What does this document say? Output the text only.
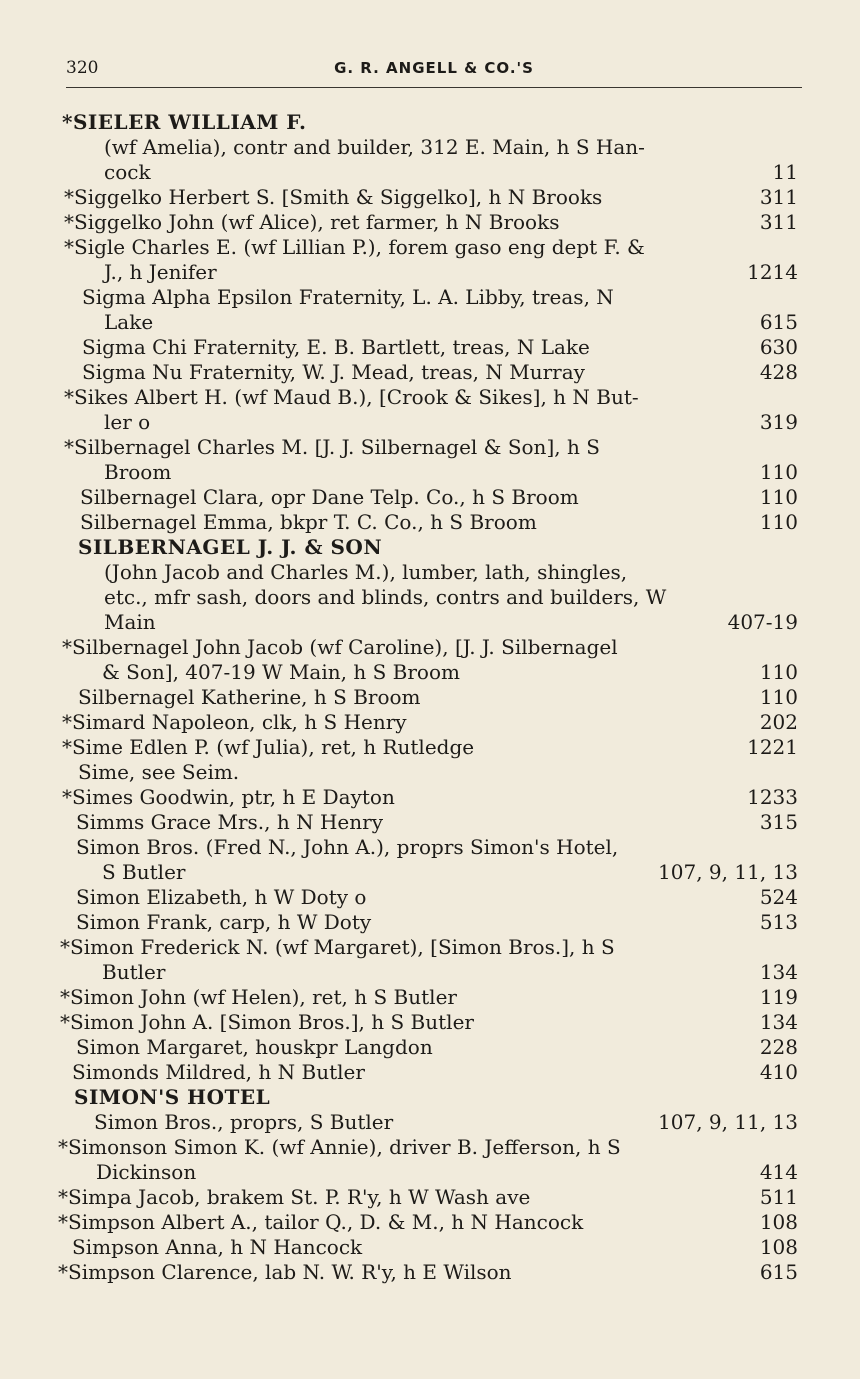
320	G. R. ANGELL & CO.'S
*SIELER WILLIAM F.
(wf Amelia), contr and builder, 312 E. Main, h S Han-
cock	11
*Siggelko Herbert S. [Smith & Siggelko], h N Brooks	311
*Siggelko John (wf Alice), ret farmer, h N Brooks	311
*Sigle Charles E. (wf Lillian P.), forem gaso eng dept F. &
J., h Jenifer	1214
Sigma Alpha Epsilon Fraternity, L. A. Libby, treas, N
Lake	615
Sigma Chi Fraternity, E. B. Bartlett, treas, N Lake	630
Sigma Nu Fraternity, W. J. Mead, treas, N Murray	428
*Sikes Albert H. (wf Maud B.), [Crook & Sikes], h N But-
ler o	319
*Silbernagel Charles M. [J. J. Silbernagel & Son], h S
Broom	110
Silbernagel Clara, opr Dane Telp. Co., h S Broom	110
Silbernagel Emma, bkpr T. C. Co., h S Broom	110
SILBERNAGEL J. J. & SON
(John Jacob and Charles M.), lumber, lath, shingles,
etc., mfr sash, doors and blinds, contrs and builders, W
Main	407-19
*Silbernagel John Jacob (wf Caroline), [J. J. Silbernagel
& Son], 407-19 W Main, h S Broom	110
Silbernagel Katherine, h S Broom	110
*Simard Napoleon, clk, h S Henry	202
*Sime Edlen P. (wf Julia), ret, h Rutledge	1221
Sime, see Seim.
*Simes Goodwin, ptr, h E Dayton	1233
Simms Grace Mrs., h N Henry	315
Simon Bros. (Fred N., John A.), proprs Simon's Hotel,
S Butler	107, 9, 11, 13
Simon Elizabeth, h W Doty o	524
Simon Frank, carp, h W Doty	513
*Simon Frederick N. (wf Margaret), [Simon Bros.], h S
Butler	134
*Simon John (wf Helen), ret, h S Butler	119
*Simon John A. [Simon Bros.], h S Butler	134
Simon Margaret, houskpr Langdon	228
Simonds Mildred, h N Butler	410
SIMON'S HOTEL
Simon Bros., proprs, S Butler	107, 9, 11, 13
*Simonson Simon K. (wf Annie), driver B. Jefferson, h S
Dickinson	414
*Simpa Jacob, brakem St. P. R'y, h W Wash ave	511
*Simpson Albert A., tailor Q., D. & M., h N Hancock	108
Simpson Anna, h N Hancock	108
*Simpson Clarence, lab N. W. R'y, h E Wilson	615
